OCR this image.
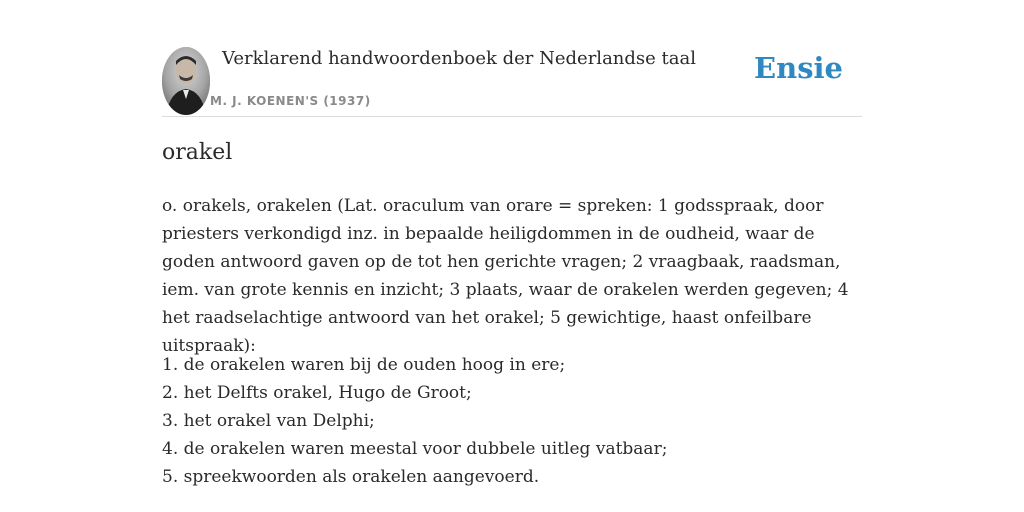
Verklarend handwoordenboek der Nederlandse taal
M. J. KOENEN'S (1937)
Ensie
orakel

o. orakels, orakelen (Lat. oraculum van orare = spreken: 1 godsspraak, door priesters verkondigd inz. in bepaalde heiligdommen in de oudheid, waar de goden antwoord gaven op de tot hen gerichte vragen; 2 vraagbaak, raadsman, iem. van grote kennis en inzicht; 3 plaats, waar de orakelen werden gegeven; 4 het raadselachtige antwoord van het orakel; 5 gewichtige, haast onfeilbare uitspraak):

1. de orakelen waren bij de ouden hoog in ere;
2. het Delfts orakel, Hugo de Groot;
3. het orakel van Delphi;
4. de orakelen waren meestal voor dubbele uitleg vatbaar;
5. spreekwoorden als orakelen aangevoerd.
